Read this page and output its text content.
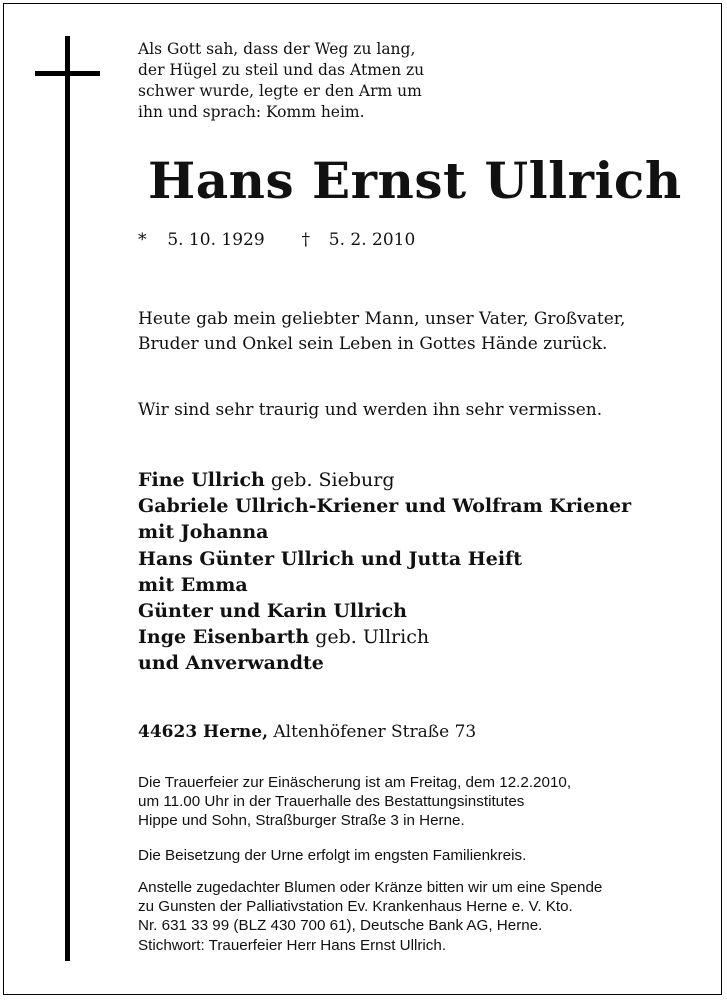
Als Gott sah, dass der Weg zu lang,
der Hügel zu steil und das Atmen zu
schwer wurde, legte er den Arm um
ihn und sprach: Komm heim.
Hans Ernst Ullrich
* 5. 10. 1929 † 5. 2. 2010
Heute gab mein geliebter Mann, unser Vater, Großvater,
Bruder und Onkel sein Leben in Gottes Hände zurück.
Wir sind sehr traurig und werden ihn sehr vermissen.
Fine Ullrich geb. Sieburg
Gabriele Ullrich-Kriener und Wolfram Kriener
mit Johanna
Hans Günter Ullrich und Jutta Heift
mit Emma
Günter und Karin Ullrich
Inge Eisenbarth geb. Ullrich
und Anverwandte
44623 Herne, Altenhöfener Straße 73
Die Trauerfeier zur Einäscherung ist am Freitag, dem 12.2.2010,
um 11.00 Uhr in der Trauerhalle des Bestattungsinstitutes
Hippe und Sohn, Straßburger Straße 3 in Herne.
Die Beisetzung der Urne erfolgt im engsten Familienkreis.
Anstelle zugedachter Blumen oder Kränze bitten wir um eine Spende
zu Gunsten der Palliativstation Ev. Krankenhaus Herne e. V. Kto.
Nr. 631 33 99 (BLZ 430 700 61), Deutsche Bank AG, Herne.
Stichwort: Trauerfeier Herr Hans Ernst Ullrich.
